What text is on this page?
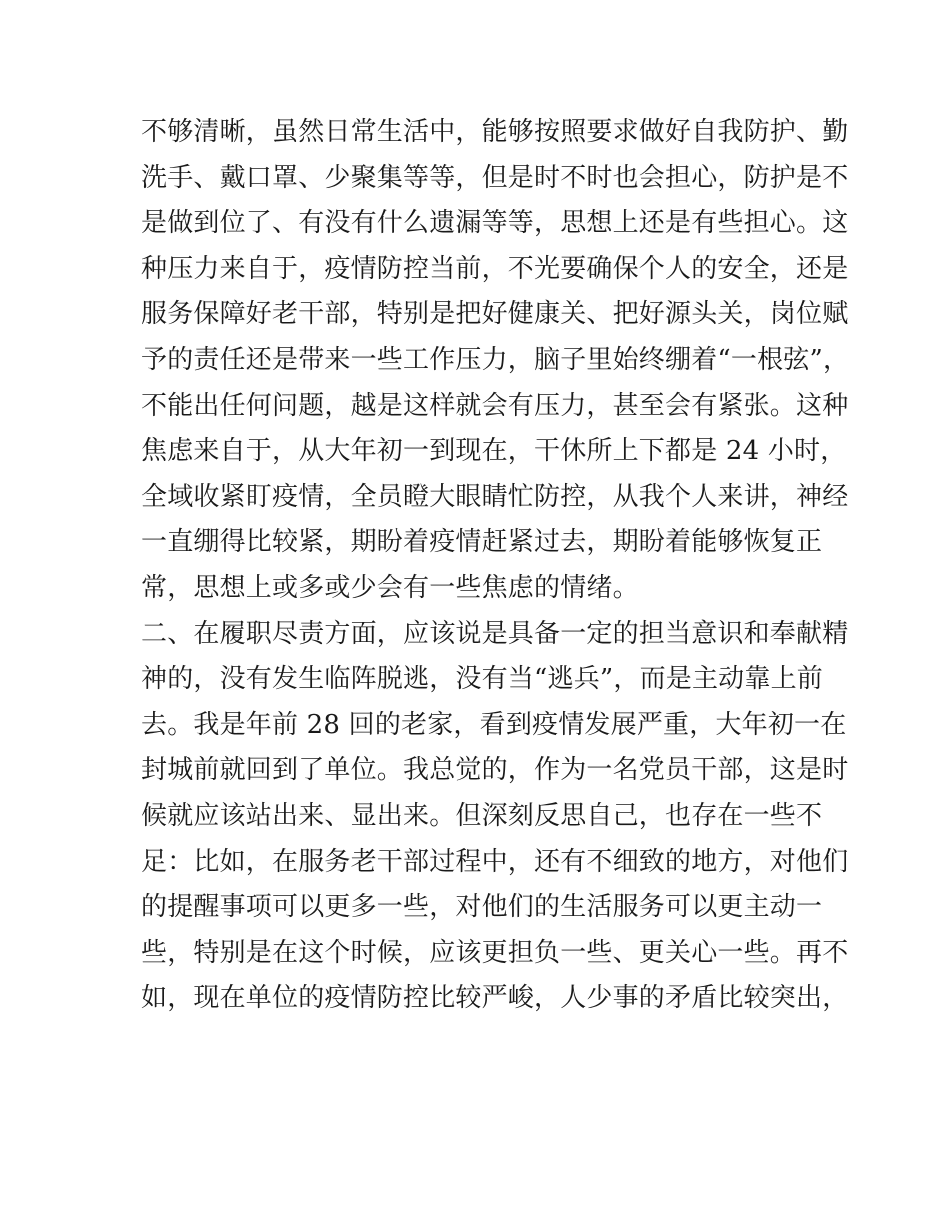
不够清晰，虽然日常生活中，能够按照要求做好自我防护、勤
洗手、戴口罩、少聚集等等，但是时不时也会担心，防护是不
是做到位了、有没有什么遗漏等等，思想上还是有些担心。这
种压力来自于，疫情防控当前，不光要确保个人的安全，还是
服务保障好老干部，特别是把好健康关、把好源头关，岗位赋
予的责任还是带来一些工作压力，脑子里始终绷着“一根弦”，
不能出任何问题，越是这样就会有压力，甚至会有紧张。这种
焦虑来自于，从大年初一到现在，干休所上下都是 24 小时，
全域收紧盯疫情，全员瞪大眼睛忙防控，从我个人来讲，神经
一直绷得比较紧，期盼着疫情赶紧过去，期盼着能够恢复正
常，思想上或多或少会有一些焦虑的情绪。
二、在履职尽责方面，应该说是具备一定的担当意识和奉献精
神的，没有发生临阵脱逃，没有当“逃兵”，而是主动靠上前
去。我是年前 28 回的老家，看到疫情发展严重，大年初一在
封城前就回到了单位。我总觉的，作为一名党员干部，这是时
候就应该站出来、显出来。但深刻反思自己，也存在一些不
足：比如，在服务老干部过程中，还有不细致的地方，对他们
的提醒事项可以更多一些，对他们的生活服务可以更主动一
些，特别是在这个时候，应该更担负一些、更关心一些。再不
如，现在单位的疫情防控比较严峻，人少事的矛盾比较突出，
